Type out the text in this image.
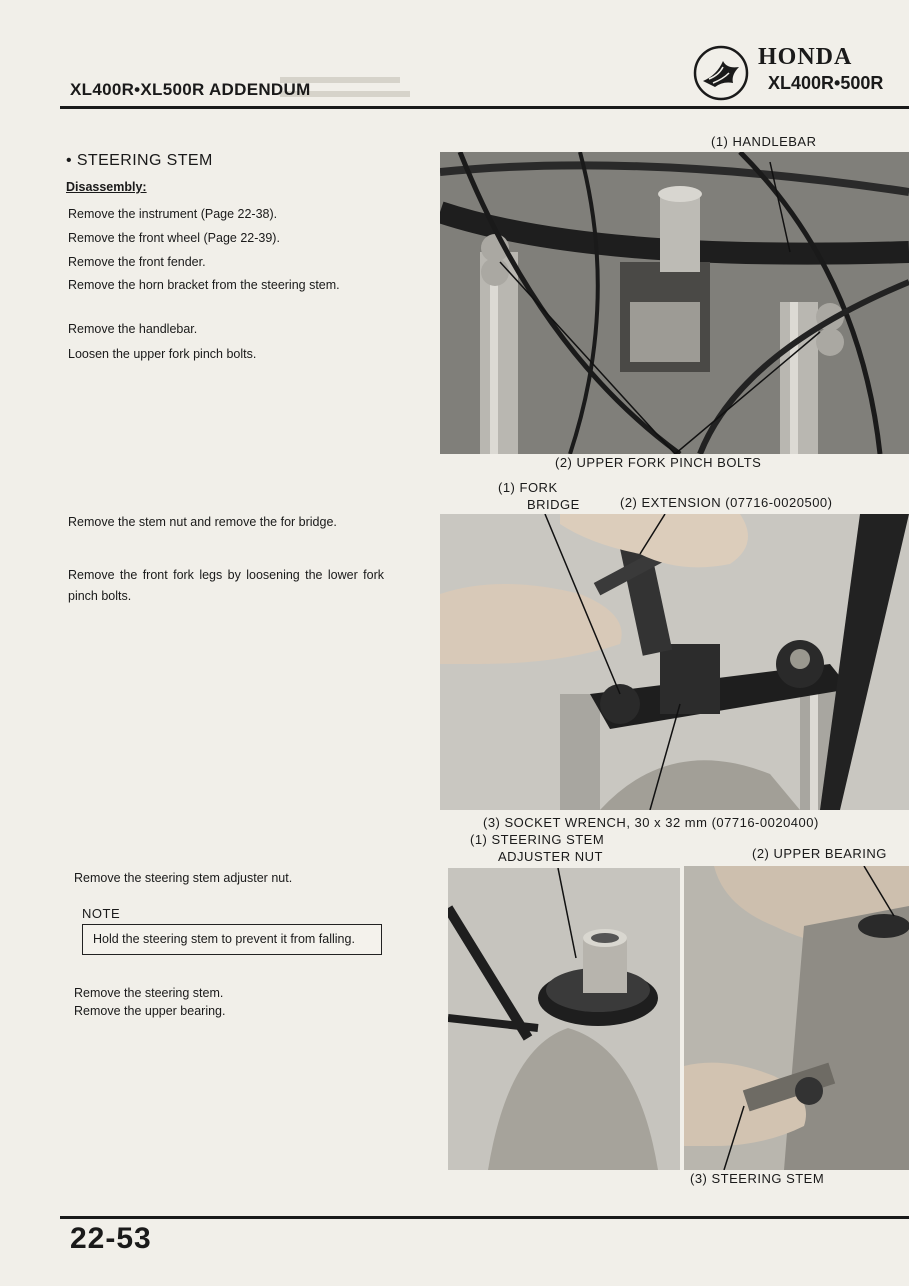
XL400R•XL500R ADDENDUM
HONDA
XL400R•500R
• STEERING STEM
Disassembly:
Remove the instrument (Page 22-38).
Remove the front wheel (Page 22-39).
Remove the front fender.
Remove the horn bracket from the steering stem.
Remove the handlebar.
Loosen the upper fork pinch bolts.
Remove the stem nut and remove the for bridge.
Remove the front fork legs by loosening the lower fork pinch bolts.
Remove the steering stem adjuster nut.
NOTE
Hold the steering stem to prevent it from falling.
Remove the steering stem.
Remove the upper bearing.
(1) HANDLEBAR
(2) UPPER FORK PINCH BOLTS
(1) FORK
BRIDGE	(2) EXTENSION (07716-0020500)
(3) SOCKET WRENCH, 30 x 32 mm (07716-0020400)
(1) STEERING STEM
ADJUSTER NUT	(2) UPPER BEARING
(3) STEERING STEM
22-53
